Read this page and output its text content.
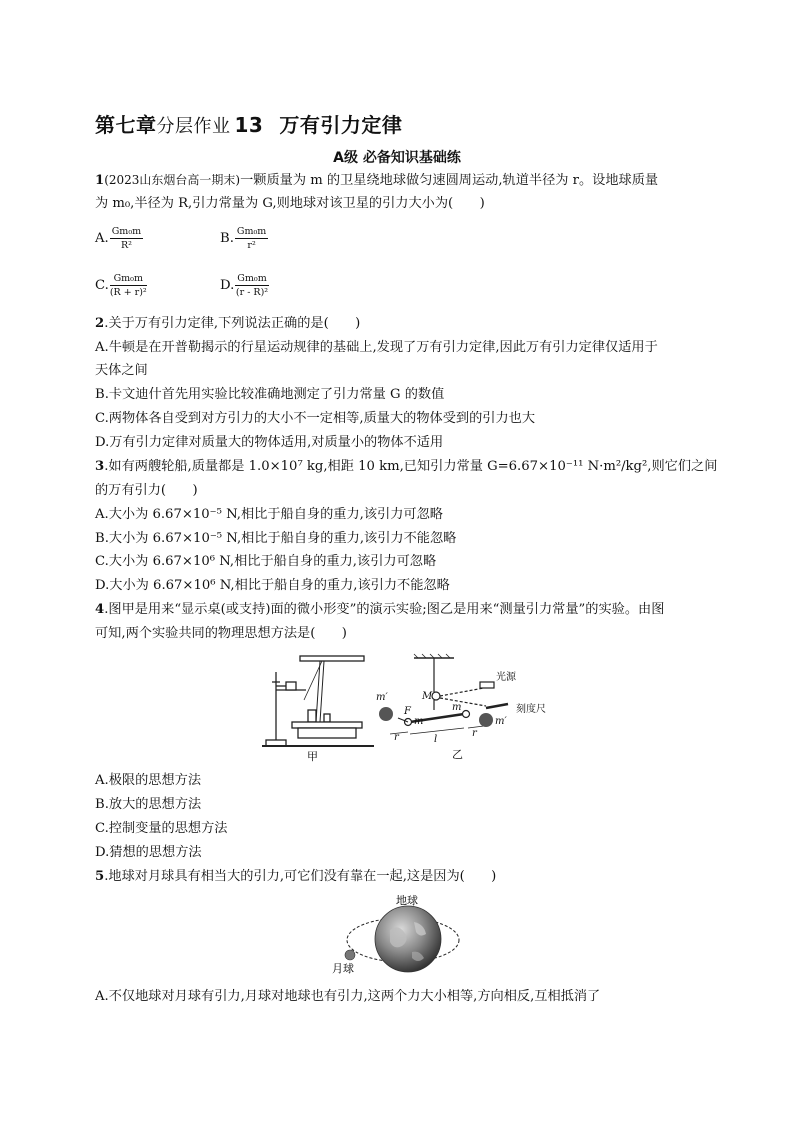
第七章分层作业 13 万有引力定律
A级 必备知识基础练
1(2023山东烟台高一期末)一颗质量为 m 的卫星绕地球做匀速圆周运动,轨道半径为 r。设地球质量
为 m₀,半径为 R,引力常量为 G,则地球对该卫星的引力大小为(　　)
A. $\frac{\text{Gm₀m}}{\text{R²}}$	B. $\frac{\text{Gm₀m}}{\text{r²}}$
C. $\frac{\text{Gm₀m}}{\text{(R + r)²}}$	D. $\frac{\text{Gm₀m}}{\text{(r - R)²}}$
2.关于万有引力定律,下列说法正确的是(　　)
A.牛顿是在开普勒揭示的行星运动规律的基础上,发现了万有引力定律,因此万有引力定律仅适用于
天体之间
B.卡文迪什首先用实验比较准确地测定了引力常量 G 的数值
C.两物体各自受到对方引力的大小不一定相等,质量大的物体受到的引力也大
D.万有引力定律对质量大的物体适用,对质量小的物体不适用
3.如有两艘轮船,质量都是 1.0×10⁷ kg,相距 10 km,已知引力常量 G=6.67×10⁻¹¹ N·m²/kg²,则它们之间
的万有引力(　　)
A.大小为 6.67×10⁻⁵ N,相比于船自身的重力,该引力可忽略
B.大小为 6.67×10⁻⁵ N,相比于船自身的重力,该引力不能忽略
C.大小为 6.67×10⁶ N,相比于船自身的重力,该引力可忽略
D.大小为 6.67×10⁶ N,相比于船自身的重力,该引力不能忽略
4.图甲是用来“显示桌(或支持)面的微小形变”的演示实验;图乙是用来“测量引力常量”的实验。由图
可知,两个实验共同的物理思想方法是(　　)
甲
m′	M
F
m
m
m′
r	l
r
光源
刻度尺
乙
A.极限的思想方法
B.放大的思想方法
C.控制变量的思想方法
D.猜想的思想方法
5.地球对月球具有相当大的引力,可它们没有靠在一起,这是因为(　　)
地球
月球
A.不仅地球对月球有引力,月球对地球也有引力,这两个力大小相等,方向相反,互相抵消了
